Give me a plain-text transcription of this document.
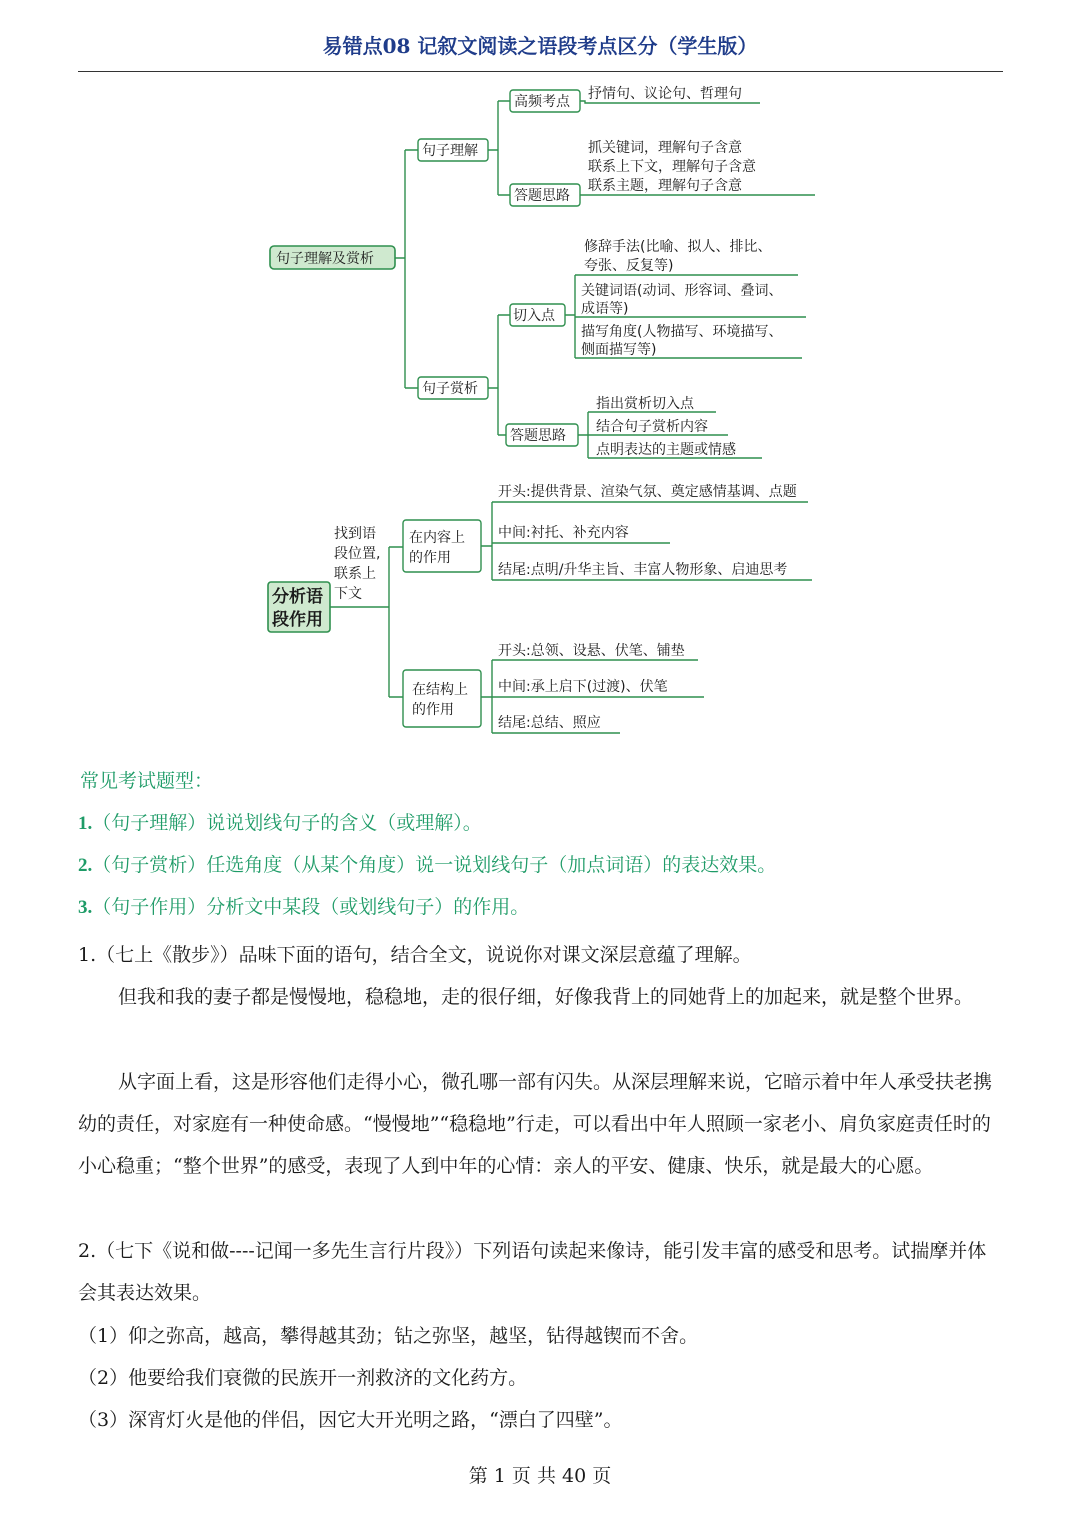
易错点08 记叙文阅读之语段考点区分（学生版）
句子理解及赏析
句子理解
高频考点 抒情句、议论句、哲理句
答题思路
抓关键词，理解句子含意
联系上下文，理解句子含意
联系主题，理解句子含意
句子赏析
切入点
修辞手法(比喻、拟人、排比、
夸张、反复等)
关键词语(动词、形容词、叠词、
成语等)
描写角度(人物描写、环境描写、
侧面描写等)
答题思路
指出赏析切入点
结合句子赏析内容
点明表达的主题或情感
分析语
段作用
找到语
段位置,
联系上
下文
在内容上
的作用
开头:提供背景、渲染气氛、奠定感情基调、点题
中间:衬托、补充内容
结尾:点明/升华主旨、丰富人物形象、启迪思考
在结构上
的作用
开头:总领、设悬、伏笔、铺垫
中间:承上启下(过渡)、伏笔
结尾:总结、照应
常见考试题型：
1.（句子理解）说说划线句子的含义（或理解）。
2.（句子赏析）任选角度（从某个角度）说一说划线句子（加点词语）的表达效果。
3.（句子作用）分析文中某段（或划线句子）的作用。
1.（七上《散步》）品味下面的语句，结合全文，说说你对课文深层意蕴了理解。
但我和我的妻子都是慢慢地，稳稳地，走的很仔细，好像我背上的同她背上的加起来，就是整个世界。
从字面上看，这是形容他们走得小心，微孔哪一部有闪失。从深层理解来说，它暗示着中年人承受扶老携幼的责任，对家庭有一种使命感。“慢慢地”“稳稳地”行走，可以看出中年人照顾一家老小、肩负家庭责任时的小心稳重；“整个世界”的感受，表现了人到中年的心情：亲人的平安、健康、快乐，就是最大的心愿。
2.（七下《说和做----记闻一多先生言行片段》）下列语句读起来像诗，能引发丰富的感受和思考。试揣摩并体会其表达效果。
（1）仰之弥高，越高，攀得越其劲；钻之弥坚，越坚，钻得越锲而不舍。
（2）他要给我们衰微的民族开一剂救济的文化药方。
（3）深宵灯火是他的伴侣，因它大开光明之路，“漂白了四壁”。
第 1 页 共 40 页
